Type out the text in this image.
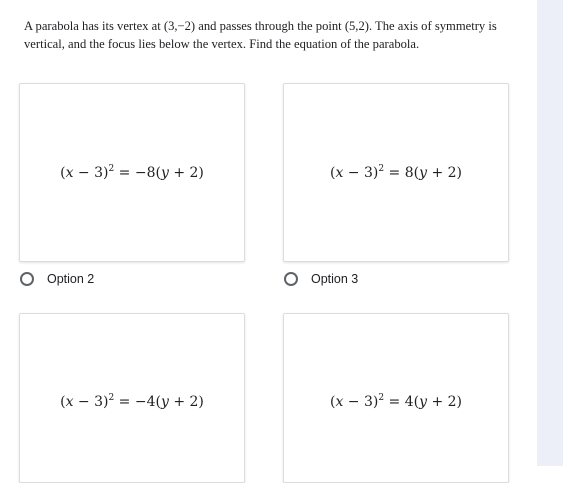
A parabola has its vertex at (3,−2) and passes through the point (5,2). The axis of symmetry is vertical, and the focus lies below the vertex. Find the equation of the parabola.
$(x - 3)^2 = -8(y + 2)$	$(x - 3)^2 = 8(y + 2)$
Option 2	Option 3
$(x - 3)^2 = -4(y + 2)$	$(x - 3)^2 = 4(y + 2)$
